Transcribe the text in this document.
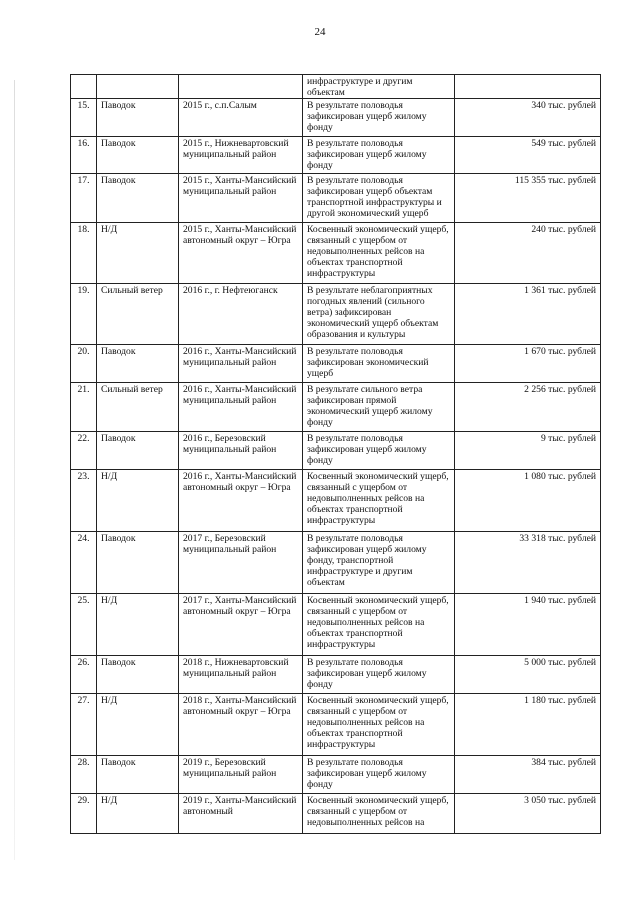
24
			инфраструктуре и другим объектам	
15.	Паводок	2015 г., с.п.Салым	В результате половодья зафиксирован ущерб жилому фонду	340 тыс. рублей
16.	Паводок	2015 г., Нижневартовский муниципальный район	В результате половодья зафиксирован ущерб жилому фонду	549 тыс. рублей
17.	Паводок	2015 г., Ханты-Мансийский муниципальный район	В результате половодья зафиксирован ущерб объектам транспортной инфраструктуры и другой экономический ущерб	115 355 тыс. рублей
18.	Н/Д	2015 г., Ханты-Мансийский автономный округ – Югра	Косвенный экономический ущерб, связанный с ущербом от недовыполненных рейсов на объектах транспортной инфраструктуры	240 тыс. рублей
19.	Сильный ветер	2016 г., г. Нефтеюганск	В результате неблагоприятных погодных явлений (сильного ветра) зафиксирован экономический ущерб объектам образования и культуры	1 361 тыс. рублей
20.	Паводок	2016 г., Ханты-Мансийский муниципальный район	В результате половодья зафиксирован экономический ущерб	1 670 тыс. рублей
21.	Сильный ветер	2016 г., Ханты-Мансийский муниципальный район	В результате сильного ветра зафиксирован прямой экономический ущерб жилому фонду	2 256 тыс. рублей
22.	Паводок	2016 г., Березовский муниципальный район	В результате половодья зафиксирован ущерб жилому фонду	9 тыс. рублей
23.	Н/Д	2016 г., Ханты-Мансийский автономный округ – Югра	Косвенный экономический ущерб, связанный с ущербом от недовыполненных рейсов на объектах транспортной инфраструктуры	1 080 тыс. рублей
24.	Паводок	2017 г., Березовский муниципальный район	В результате половодья зафиксирован ущерб жилому фонду, транспортной инфраструктуре и другим объектам	33 318 тыс. рублей
25.	Н/Д	2017 г., Ханты-Мансийский автономный округ – Югра	Косвенный экономический ущерб, связанный с ущербом от недовыполненных рейсов на объектах транспортной инфраструктуры	1 940 тыс. рублей
26.	Паводок	2018 г., Нижневартовский муниципальный район	В результате половодья зафиксирован ущерб жилому фонду	5 000 тыс. рублей
27.	Н/Д	2018 г., Ханты-Мансийский автономный округ – Югра	Косвенный экономический ущерб, связанный с ущербом от недовыполненных рейсов на объектах транспортной инфраструктуры	1 180 тыс. рублей
28.	Паводок	2019 г., Березовский муниципальный район	В результате половодья зафиксирован ущерб жилому фонду	384 тыс. рублей
29.	Н/Д	2019 г., Ханты-Мансийский автономный	Косвенный экономический ущерб, связанный с ущербом от недовыполненных рейсов на	3 050 тыс. рублей
